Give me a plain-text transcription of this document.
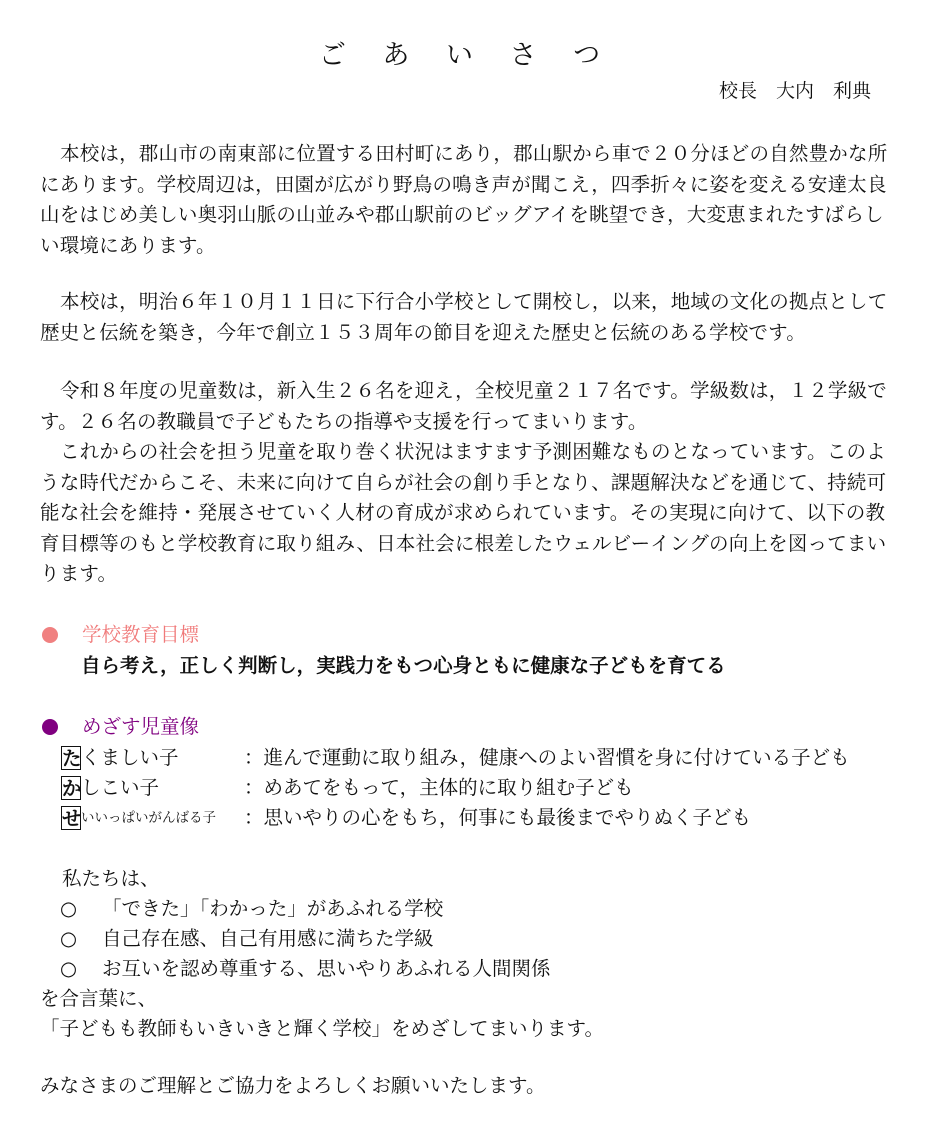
ご あ い さ つ
校長　大内　利典

本校は，郡山市の南東部に位置する田村町にあり，郡山駅から車で２０分ほどの自然豊かな所にあります。学校周辺は，田園が広がり野鳥の鳴き声が聞こえ，四季折々に姿を変える安達太良山をはじめ美しい奥羽山脈の山並みや郡山駅前のビッグアイを眺望でき，大変恵まれたすばらしい環境にあります。

本校は，明治６年１０月１１日に下行合小学校として開校し，以来，地域の文化の拠点として歴史と伝統を築き，今年で創立１５３周年の節目を迎えた歴史と伝統のある学校です。

令和８年度の児童数は，新入生２６名を迎え，全校児童２１７名です。学級数は，１２学級です。２６名の教職員で子どもたちの指導や支援を行ってまいります。

これからの社会を担う児童を取り巻く状況はますます予測困難なものとなっています。このような時代だからこそ、未来に向けて自らが社会の創り手となり、課題解決などを通じて、持続可能な社会を維持・発展させていく人材の育成が求められています。その実現に向けて、以下の教育目標等のもと学校教育に取り組み、日本社会に根差したウェルビーイングの向上を図ってまいります。

学校教育目標
自ら考え，正しく判断し，実践力をもつ心身ともに健康な子どもを育てる
めざす児童像
た くましい子	：進んで運動に取り組み，健康へのよい習慣を身に付けている子ども
か しこい子	：めあてをもって，主体的に取り組む子ども
せ いいっぱいがんばる子	：思いやりの心をもち，何事にも最後までやりぬく子ども
私たちは、
○	「できた」「わかった」があふれる学校
○	自己存在感、自己有用感に満ちた学級
○	お互いを認め尊重する、思いやりあふれる人間関係
を合言葉に、
「子どもも教師もいきいきと輝く学校」をめざしてまいります。
みなさまのご理解とご協力をよろしくお願いいたします。
